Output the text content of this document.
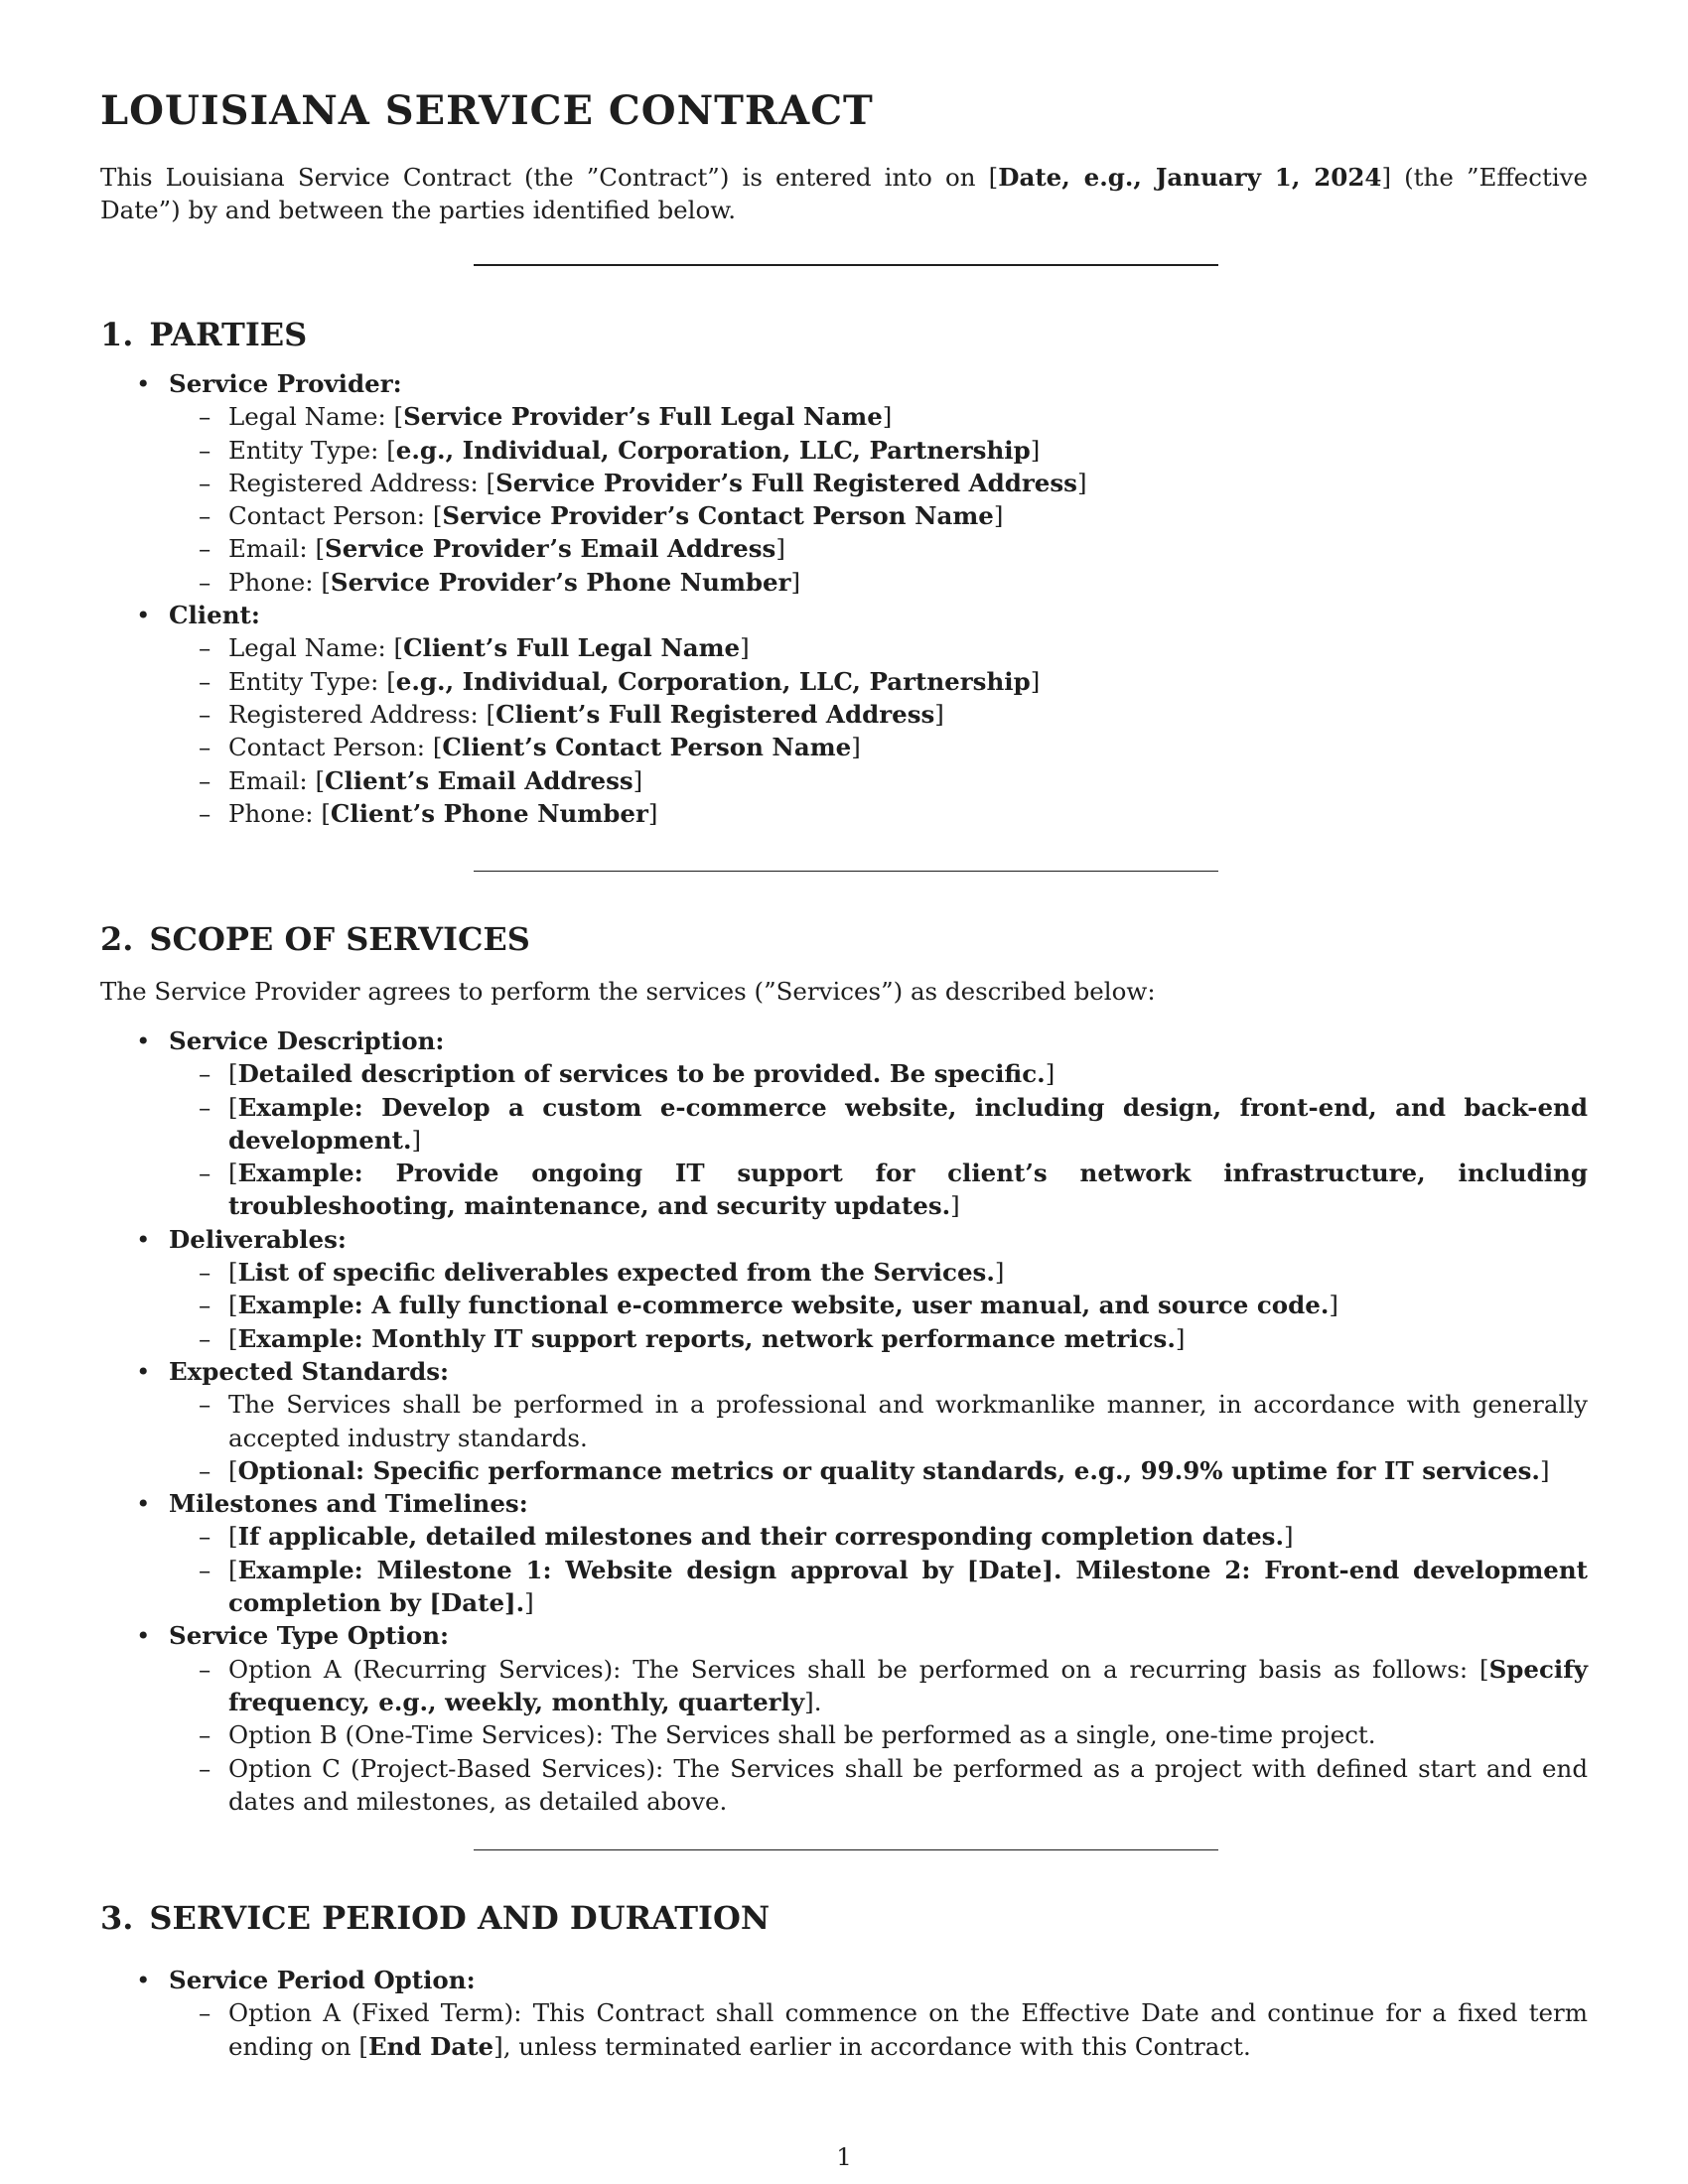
LOUISIANA SERVICE CONTRACT

This Louisiana Service Contract (the ”Contract”) is entered into on [Date, e.g., January 1, 2024] (the ”Effective Date”) by and between the parties identified below.

1. PARTIES
• Service Provider:
– Legal Name: [Service Provider’s Full Legal Name]
– Entity Type: [e.g., Individual, Corporation, LLC, Partnership]
– Registered Address: [Service Provider’s Full Registered Address]
– Contact Person: [Service Provider’s Contact Person Name]
– Email: [Service Provider’s Email Address]
– Phone: [Service Provider’s Phone Number]
• Client:
– Legal Name: [Client’s Full Legal Name]
– Entity Type: [e.g., Individual, Corporation, LLC, Partnership]
– Registered Address: [Client’s Full Registered Address]
– Contact Person: [Client’s Contact Person Name]
– Email: [Client’s Email Address]
– Phone: [Client’s Phone Number]
2. SCOPE OF SERVICES

The Service Provider agrees to perform the services (”Services”) as described below:

• Service Description:
– [Detailed description of services to be provided. Be specific.]
– [Example: Develop a custom e-commerce website, including design, front-end, and back-end development.]
– [Example: Provide ongoing IT support for client’s network infrastructure, including troubleshooting, maintenance, and security updates.]
• Deliverables:
– [List of specific deliverables expected from the Services.]
– [Example: A fully functional e-commerce website, user manual, and source code.]
– [Example: Monthly IT support reports, network performance metrics.]
• Expected Standards:
– The Services shall be performed in a professional and workmanlike manner, in accordance with generally accepted industry standards.
– [Optional: Specific performance metrics or quality standards, e.g., 99.9% uptime for IT services.]
• Milestones and Timelines:
– [If applicable, detailed milestones and their corresponding completion dates.]
– [Example: Milestone 1: Website design approval by [Date]. Milestone 2: Front-end development completion by [Date].]
• Service Type Option:
– Option A (Recurring Services): The Services shall be performed on a recurring basis as follows: [Specify frequency, e.g., weekly, monthly, quarterly].
– Option B (One-Time Services): The Services shall be performed as a single, one-time project.
– Option C (Project-Based Services): The Services shall be performed as a project with defined start and end dates and milestones, as detailed above.
3. SERVICE PERIOD AND DURATION
• Service Period Option:
– Option A (Fixed Term): This Contract shall commence on the Effective Date and continue for a fixed term ending on [End Date], unless terminated earlier in accordance with this Contract.
1
